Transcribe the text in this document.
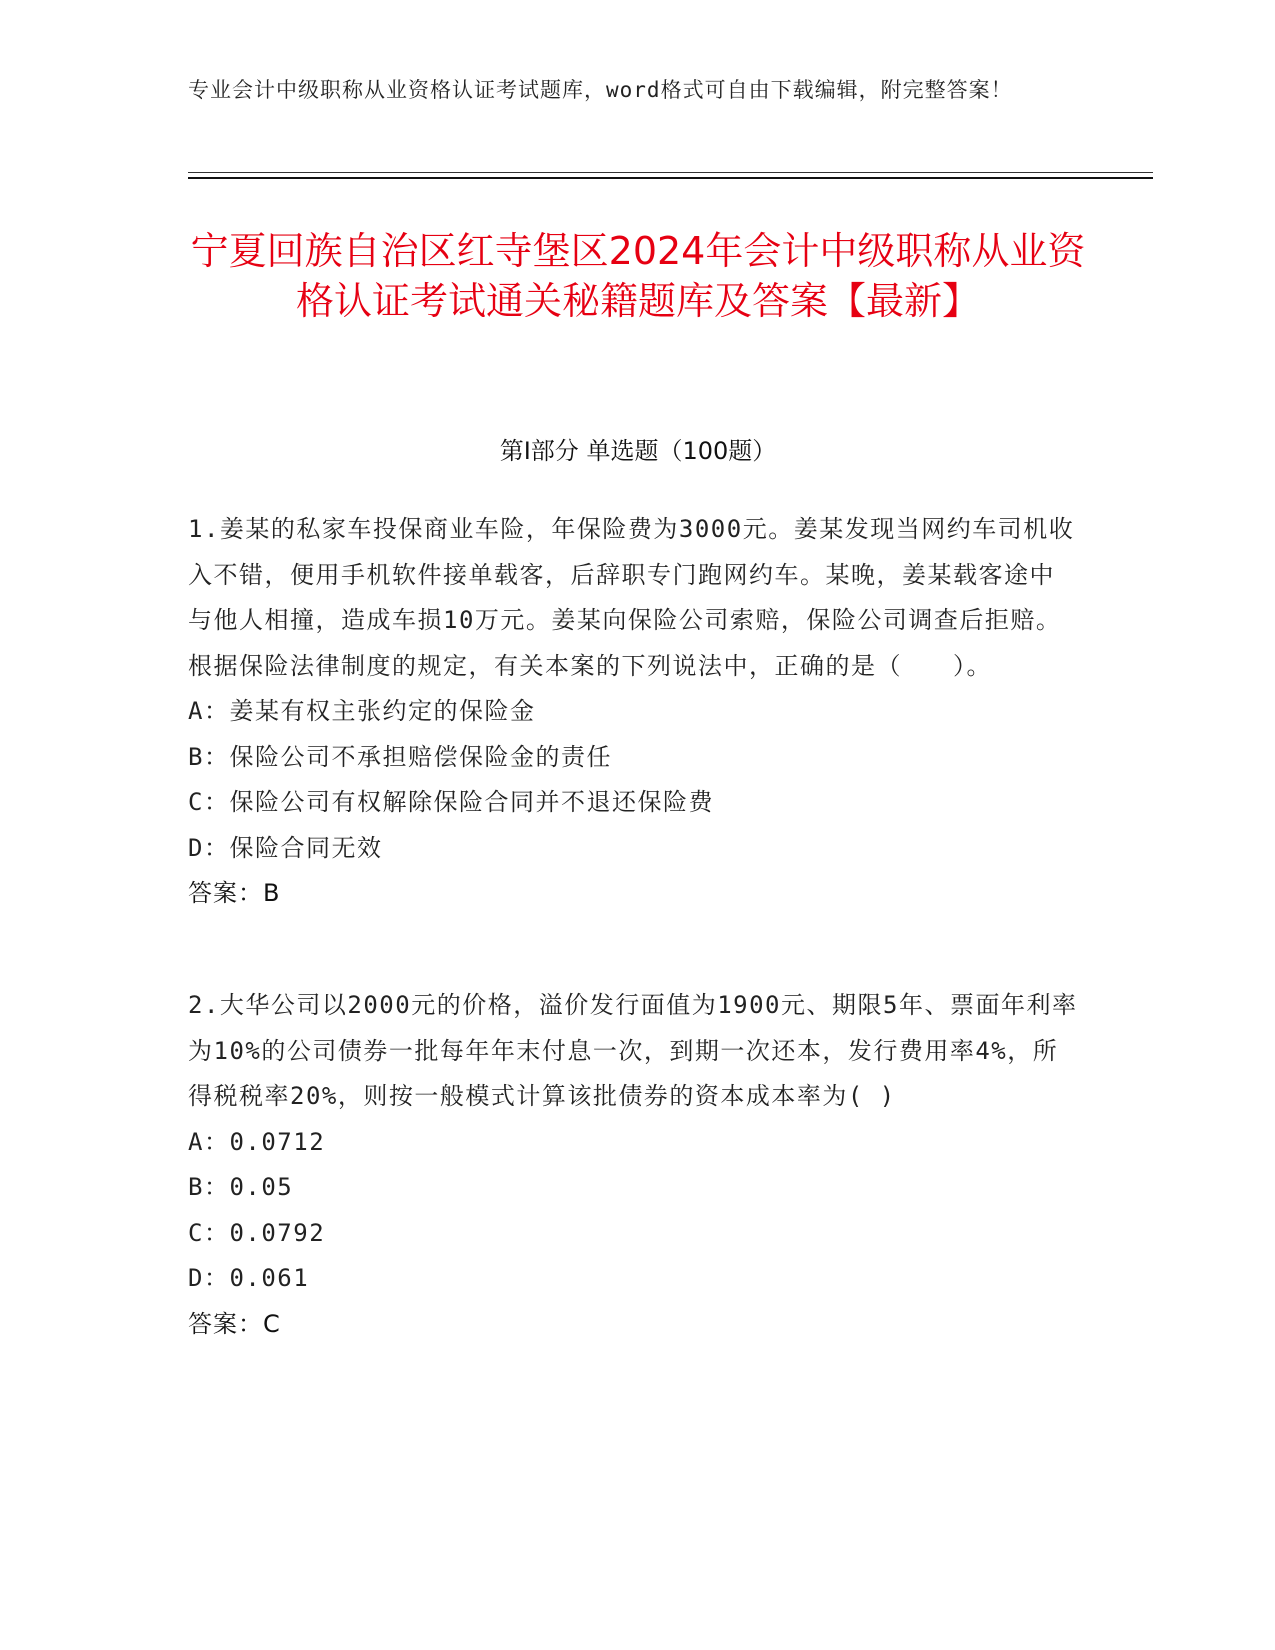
专业会计中级职称从业资格认证考试题库，word格式可自由下载编辑，附完整答案！
宁夏回族自治区红寺堡区2024年会计中级职称从业资格认证考试通关秘籍题库及答案【最新】
第Ⅰ部分 单选题（100题）
1.姜某的私家车投保商业车险，年保险费为3000元。姜某发现当网约车司机收入不错，便用手机软件接单载客，后辞职专门跑网约车。某晚，姜某载客途中与他人相撞，造成车损10万元。姜某向保险公司索赔，保险公司调查后拒赔。根据保险法律制度的规定，有关本案的下列说法中，正确的是（　　）。
A：姜某有权主张约定的保险金
B：保险公司不承担赔偿保险金的责任
C：保险公司有权解除保险合同并不退还保险费
D：保险合同无效
答案：B
2.大华公司以2000元的价格，溢价发行面值为1900元、期限5年、票面年利率为10%的公司债券一批每年年末付息一次，到期一次还本，发行费用率4%，所得税税率20%，则按一般模式计算该批债券的资本成本率为( )
A：0.0712
B：0.05
C：0.0792
D：0.061
答案：C
